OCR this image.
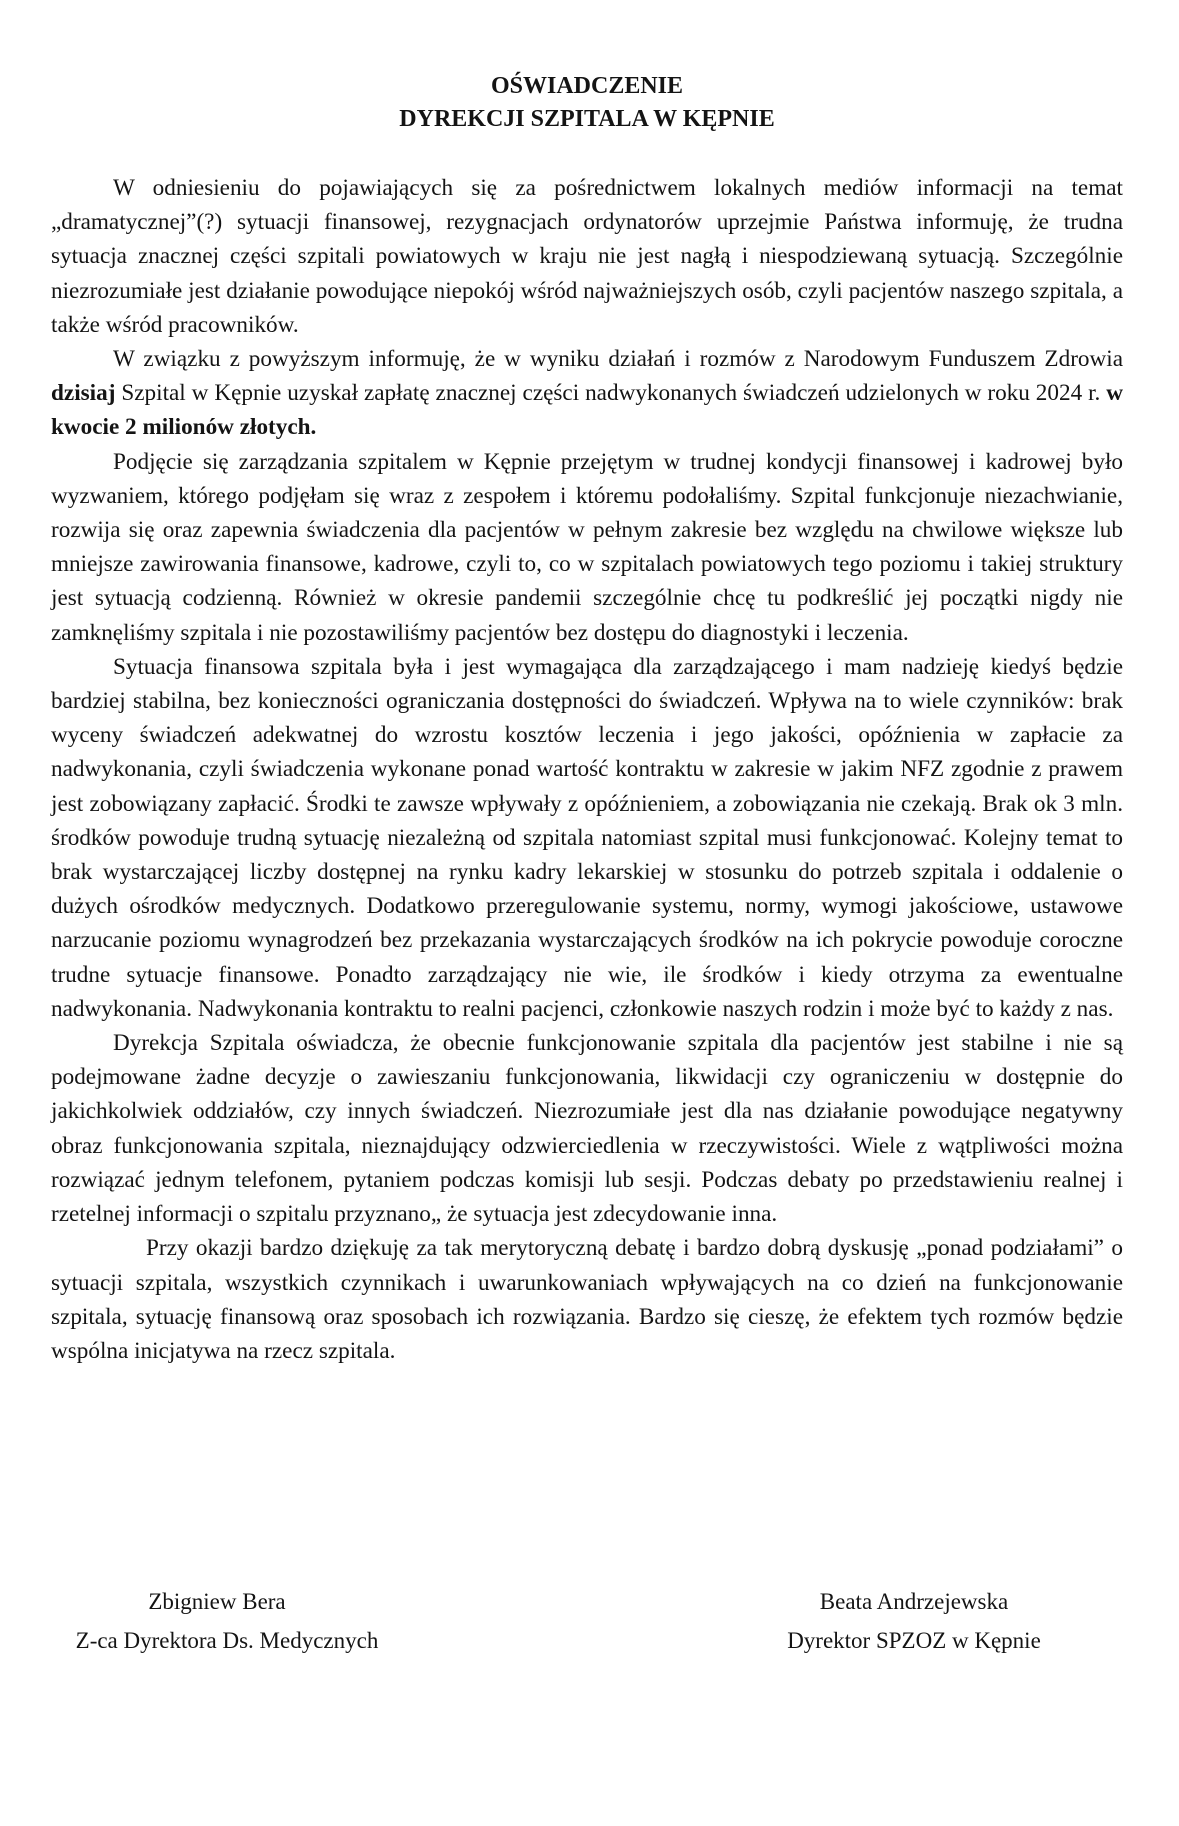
OŚWIADCZENIE
DYREKCJI SZPITALA W KĘPNIE

W odniesieniu do pojawiających się za pośrednictwem lokalnych mediów informacji na temat „dramatycznej”(?) sytuacji finansowej, rezygnacjach ordynatorów uprzejmie Państwa informuję, że trudna sytuacja znacznej części szpitali powiatowych w kraju nie jest nagłą i niespodziewaną sytuacją. Szczególnie niezrozumiałe jest działanie powodujące niepokój wśród najważniejszych osób, czyli pacjentów naszego szpitala, a także wśród pracowników.

W związku z powyższym informuję, że w wyniku działań i rozmów z Narodowym Funduszem Zdrowia dzisiaj Szpital w Kępnie uzyskał zapłatę znacznej części nadwykonanych świadczeń udzielonych w roku 2024 r. w kwocie 2 milionów złotych.

Podjęcie się zarządzania szpitalem w Kępnie przejętym w trudnej kondycji finansowej i kadrowej było wyzwaniem, którego podjęłam się wraz z zespołem i któremu podołaliśmy. Szpital funkcjonuje niezachwianie, rozwija się oraz zapewnia świadczenia dla pacjentów w pełnym zakresie bez względu na chwilowe większe lub mniejsze zawirowania finansowe, kadrowe, czyli to, co w szpitalach powiatowych tego poziomu i takiej struktury jest sytuacją codzienną. Również w okresie pandemii szczególnie chcę tu podkreślić jej początki nigdy nie zamknęliśmy szpitala i nie pozostawiliśmy pacjentów bez dostępu do diagnostyki i leczenia.

Sytuacja finansowa szpitala była i jest wymagająca dla zarządzającego i mam nadzieję kiedyś będzie bardziej stabilna, bez konieczności ograniczania dostępności do świadczeń. Wpływa na to wiele czynników: brak wyceny świadczeń adekwatnej do wzrostu kosztów leczenia i jego jakości, opóźnienia w zapłacie za nadwykonania, czyli świadczenia wykonane ponad wartość kontraktu w zakresie w jakim NFZ zgodnie z prawem jest zobowiązany zapłacić. Środki te zawsze wpływały z opóźnieniem, a zobowiązania nie czekają. Brak ok 3 mln. środków powoduje trudną sytuację niezależną od szpitala natomiast szpital musi funkcjonować. Kolejny temat to brak wystarczającej liczby dostępnej na rynku kadry lekarskiej w stosunku do potrzeb szpitala i oddalenie o dużych ośrodków medycznych. Dodatkowo przeregulowanie systemu, normy, wymogi jakościowe, ustawowe narzucanie poziomu wynagrodzeń bez przekazania wystarczających środków na ich pokrycie powoduje coroczne trudne sytuacje finansowe. Ponadto zarządzający nie wie, ile środków i kiedy otrzyma za ewentualne nadwykonania. Nadwykonania kontraktu to realni pacjenci, członkowie naszych rodzin i może być to każdy z nas.

Dyrekcja Szpitala oświadcza, że obecnie funkcjonowanie szpitala dla pacjentów jest stabilne i nie są podejmowane żadne decyzje o zawieszaniu funkcjonowania, likwidacji czy ograniczeniu w dostępnie do jakichkolwiek oddziałów, czy innych świadczeń. Niezrozumiałe jest dla nas działanie powodujące negatywny obraz funkcjonowania szpitala, nieznajdujący odzwierciedlenia w rzeczywistości. Wiele z wątpliwości można rozwiązać jednym telefonem, pytaniem podczas komisji lub sesji. Podczas debaty po przedstawieniu realnej i rzetelnej informacji o szpitalu przyznano„ że sytuacja jest zdecydowanie inna.

Przy okazji bardzo dziękuję za tak merytoryczną debatę i bardzo dobrą dyskusję „ponad podziałami” o sytuacji szpitala, wszystkich czynnikach i uwarunkowaniach wpływających na co dzień na funkcjonowanie szpitala, sytuację finansową oraz sposobach ich rozwiązania. Bardzo się cieszę, że efektem tych rozmów będzie wspólna inicjatywa na rzecz szpitala.

Zbigniew Bera
Z-ca Dyrektora Ds. Medycznych
Beata Andrzejewska
Dyrektor SPZOZ w Kępnie
